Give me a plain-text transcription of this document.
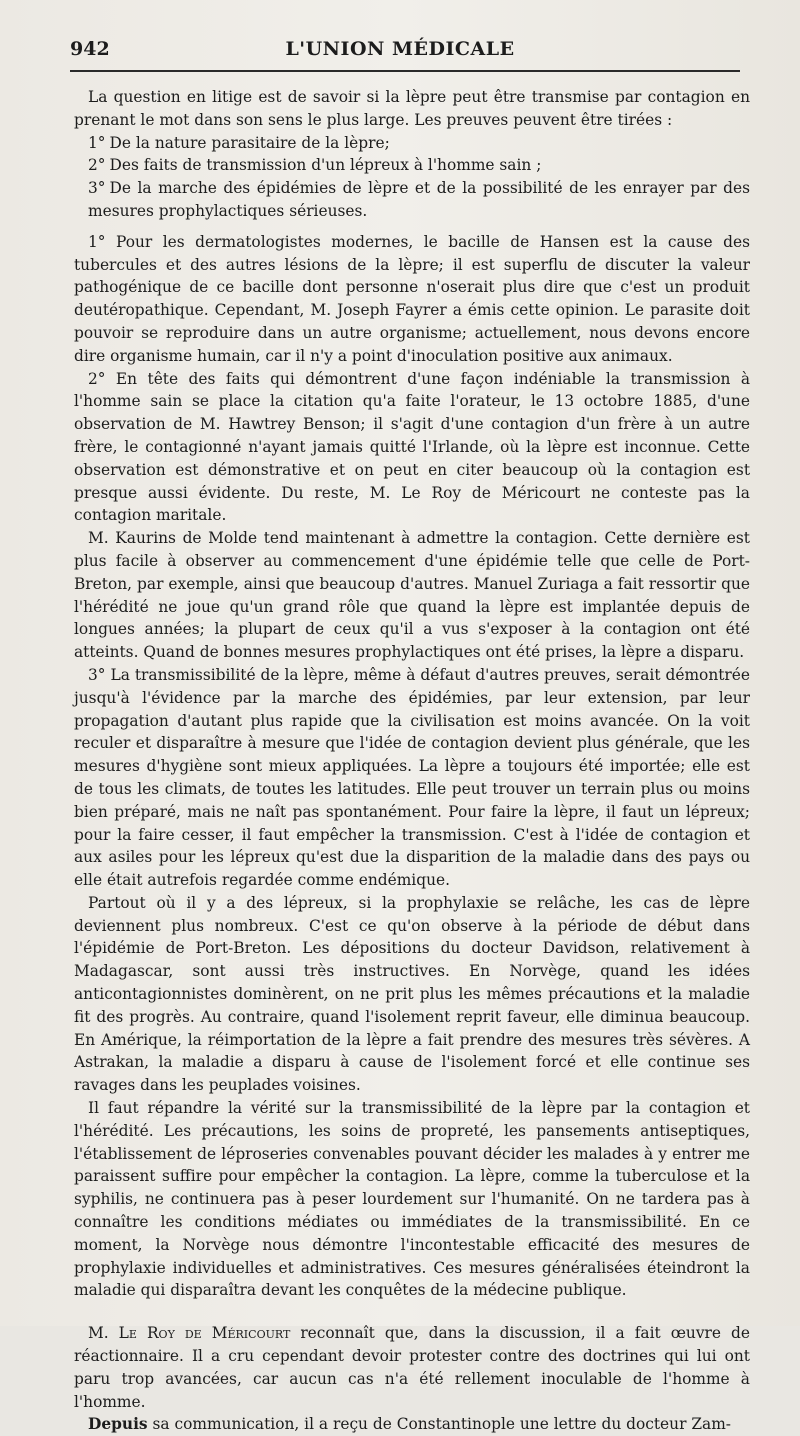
942	L'UNION MÉDICALE

La question en litige est de savoir si la lèpre peut être transmise par contagion en prenant le mot dans son sens le plus large. Les preuves peuvent être tirées :

1° De la nature parasitaire de la lèpre;

2° Des faits de transmission d'un lépreux à l'homme sain ;

3° De la marche des épidémies de lèpre et de la possibilité de les enrayer par des mesures prophylactiques sérieuses.

1° Pour les dermatologistes modernes, le bacille de Hansen est la cause des tubercules et des autres lésions de la lèpre; il est superflu de discuter la valeur pathogénique de ce bacille dont personne n'oserait plus dire que c'est un produit deutéropathique. Cependant, M. Joseph Fayrer a émis cette opinion. Le parasite doit pouvoir se reproduire dans un autre organisme; actuellement, nous devons encore dire organisme humain, car il n'y a point d'inoculation positive aux animaux.

2° En tête des faits qui démontrent d'une façon indéniable la transmission à l'homme sain se place la citation qu'a faite l'orateur, le 13 octobre 1885, d'une observation de M. Hawtrey Benson; il s'agit d'une contagion d'un frère à un autre frère, le contagionné n'ayant jamais quitté l'Irlande, où la lèpre est inconnue. Cette observation est démonstrative et on peut en citer beaucoup où la contagion est presque aussi évidente. Du reste, M. Le Roy de Méricourt ne conteste pas la contagion maritale.

M. Kaurins de Molde tend maintenant à admettre la contagion. Cette dernière est plus facile à observer au commencement d'une épidémie telle que celle de Port-Breton, par exemple, ainsi que beaucoup d'autres. Manuel Zuriaga a fait ressortir que l'hérédité ne joue qu'un grand rôle que quand la lèpre est implantée depuis de longues années; la plupart de ceux qu'il a vus s'exposer à la contagion ont été atteints. Quand de bonnes mesures prophylactiques ont été prises, la lèpre a disparu.

3° La transmissibilité de la lèpre, même à défaut d'autres preuves, serait démontrée jusqu'à l'évidence par la marche des épidémies, par leur extension, par leur propagation d'autant plus rapide que la civilisation est moins avancée. On la voit reculer et disparaître à mesure que l'idée de contagion devient plus générale, que les mesures d'hygiène sont mieux appliquées. La lèpre a toujours été importée; elle est de tous les climats, de toutes les latitudes. Elle peut trouver un terrain plus ou moins bien préparé, mais ne naît pas spontanément. Pour faire la lèpre, il faut un lépreux; pour la faire cesser, il faut empêcher la transmission. C'est à l'idée de contagion et aux asiles pour les lépreux qu'est due la disparition de la maladie dans des pays ou elle était autrefois regardée comme endémique.

Partout où il y a des lépreux, si la prophylaxie se relâche, les cas de lèpre deviennent plus nombreux. C'est ce qu'on observe à la période de début dans l'épidémie de Port-Breton. Les dépositions du docteur Davidson, relativement à Madagascar, sont aussi très instructives. En Norvège, quand les idées anticontagionnistes dominèrent, on ne prit plus les mêmes précautions et la maladie fit des progrès. Au contraire, quand l'isolement reprit faveur, elle diminua beaucoup. En Amérique, la réimportation de la lèpre a fait prendre des mesures très sévères. A Astrakan, la maladie a disparu à cause de l'isolement forcé et elle continue ses ravages dans les peuplades voisines.

Il faut répandre la vérité sur la transmissibilité de la lèpre par la contagion et l'hérédité. Les précautions, les soins de propreté, les pansements antiseptiques, l'établissement de léproseries convenables pouvant décider les malades à y entrer me paraissent suffire pour empêcher la contagion. La lèpre, comme la tuberculose et la syphilis, ne continuera pas à peser lourdement sur l'humanité. On ne tardera pas à connaître les conditions médiates ou immédiates de la transmissibilité. En ce moment, la Norvège nous démontre l'incontestable efficacité des mesures de prophylaxie individuelles et administratives. Ces mesures généralisées éteindront la maladie qui disparaîtra devant les conquêtes de la médecine publique.

M. Le Roy de Méricourt reconnaît que, dans la discussion, il a fait œuvre de réactionnaire. Il a cru cependant devoir protester contre des doctrines qui lui ont paru trop avancées, car aucun cas n'a été rellement inoculable de l'homme à l'homme.

Depuis sa communication, il a reçu de Constantinople une lettre du docteur Zam-
